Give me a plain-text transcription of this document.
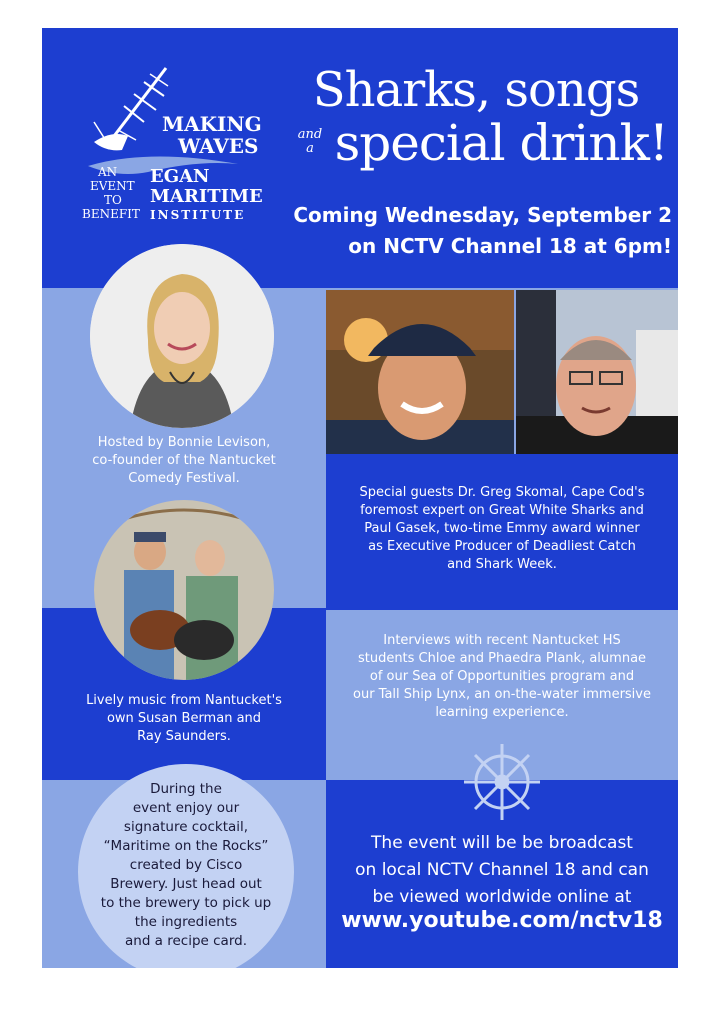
MAKING
WAVES
AN
EVENT
TO
BENEFIT
EGAN
MARITIME
INSTITUTE
Sharks, songs
and
a special drink!
Coming Wednesday, September 2
on NCTV Channel 18 at 6pm!
Hosted by Bonnie Levison,
co-founder of the Nantucket
Comedy Festival.
Lively music from Nantucket's
own Susan Berman and
Ray Saunders.
During the
event enjoy our
signature cocktail,
“Maritime on the Rocks”
created by Cisco
Brewery. Just head out
to the brewery to pick up
the ingredients
and a recipe card.
Special guests Dr. Greg Skomal, Cape Cod's
foremost expert on Great White Sharks and
Paul Gasek, two-time Emmy award winner
as Executive Producer of Deadliest Catch
and Shark Week.
Interviews with recent Nantucket HS
students Chloe and Phaedra Plank, alumnae
of our Sea of Opportunities program and
our Tall Ship Lynx, an on-the-water immersive
learning experience.
The event will be be broadcast
on local NCTV Channel 18 and can
be viewed worldwide online at
www.youtube.com/nctv18
